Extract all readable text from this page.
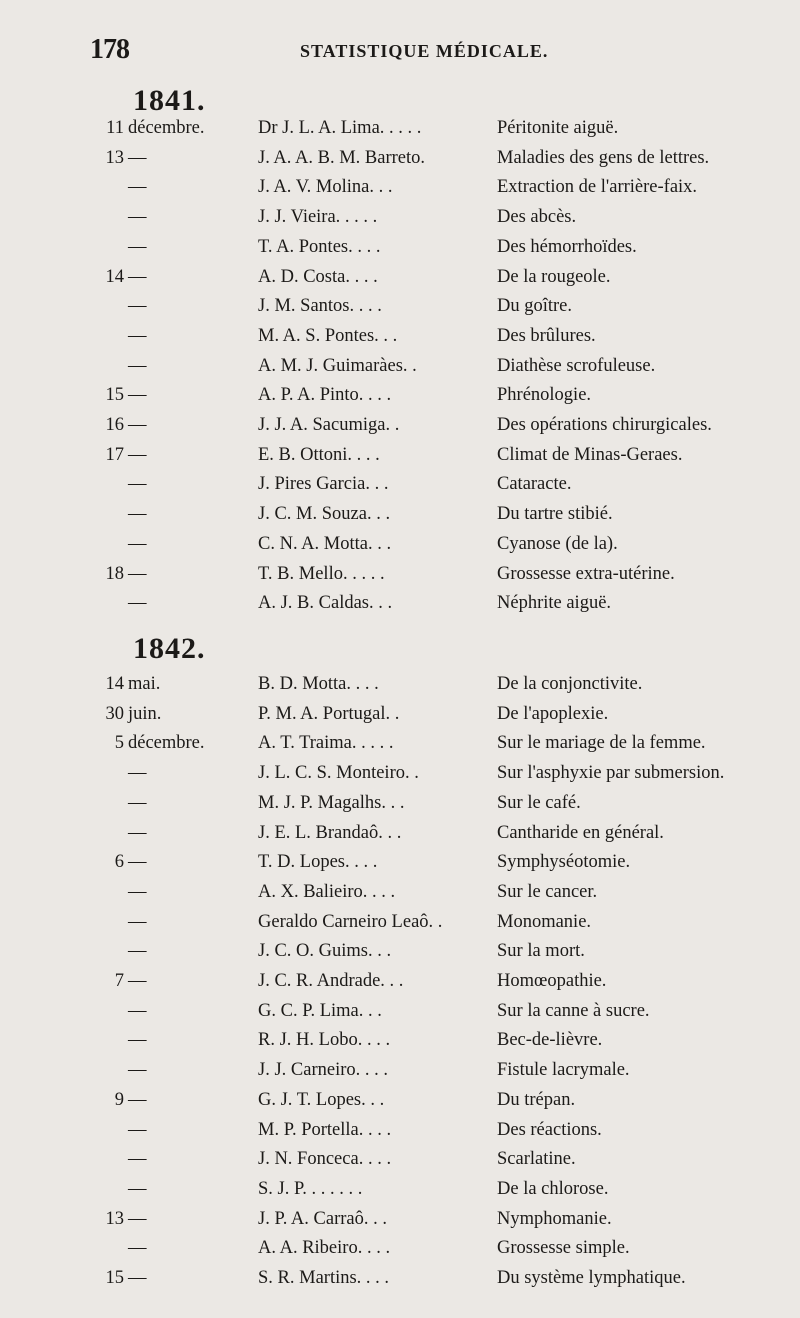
178	STATISTIQUE MÉDICALE.
1841.
11 décembre.	Dr J. L. A. Lima. . . . .	Péritonite aiguë.
13 —	J. A. A. B. M. Barreto.	Maladies des gens de lettres.
—	J. A. V. Molina. . .	Extraction de l'arrière-faix.
—	J. J. Vieira. . . . .	Des abcès.
—	T. A. Pontes. . . .	Des hémorrhoïdes.
14 —	A. D. Costa. . . .	De la rougeole.
—	J. M. Santos. . . .	Du goître.
—	M. A. S. Pontes. . .	Des brûlures.
—	A. M. J. Guimaràes. .	Diathèse scrofuleuse.
15 —	A. P. A. Pinto. . . .	Phrénologie.
16 —	J. J. A. Sacumiga. .	Des opérations chirurgicales.
17 —	E. B. Ottoni. . . .	Climat de Minas-Geraes.
—	J. Pires Garcia. . .	Cataracte.
—	J. C. M. Souza. . .	Du tartre stibié.
—	C. N. A. Motta. . .	Cyanose (de la).
18 —	T. B. Mello. . . . .	Grossesse extra-utérine.
—	A. J. B. Caldas. . .	Néphrite aiguë.
1842.
14 mai.	B. D. Motta. . . .	De la conjonctivite.
30 juin.	P. M. A. Portugal. .	De l'apoplexie.
5 décembre.	A. T. Traima. . . . .	Sur le mariage de la femme.
—	J. L. C. S. Monteiro. .	Sur l'asphyxie par submersion.
—	M. J. P. Magalhs. . .	Sur le café.
—	J. E. L. Brandaô. . .	Cantharide en général.
6 —	T. D. Lopes. . . .	Symphyséotomie.
—	A. X. Balieiro. . . .	Sur le cancer.
—	Geraldo Carneiro Leaô. .	Monomanie.
—	J. C. O. Guims. . .	Sur la mort.
7 —	J. C. R. Andrade. . .	Homœopathie.
—	G. C. P. Lima. . .	Sur la canne à sucre.
—	R. J. H. Lobo. . . .	Bec-de-lièvre.
—	J. J. Carneiro. . . .	Fistule lacrymale.
9 —	G. J. T. Lopes. . .	Du trépan.
—	M. P. Portella. . . .	Des réactions.
—	J. N. Fonceca. . . .	Scarlatine.
—	S. J. P. . . . . . .	De la chlorose.
13 —	J. P. A. Carraô. . .	Nymphomanie.
—	A. A. Ribeiro. . . .	Grossesse simple.
15 —	S. R. Martins. . . .	Du système lymphatique.
